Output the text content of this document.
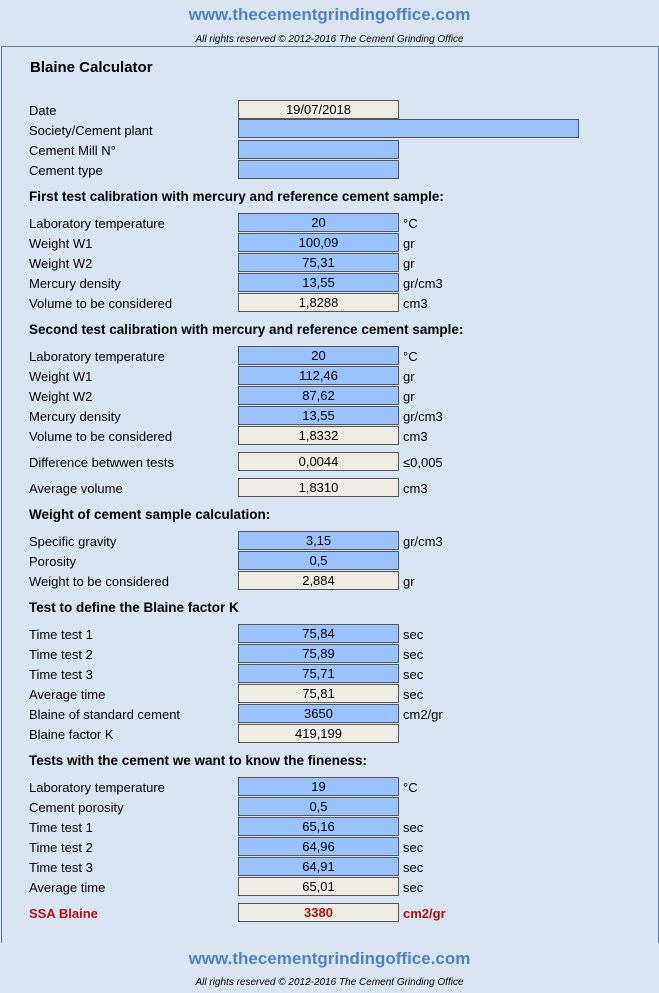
www.thecementgrindingoffice.com
All rights reserved © 2012-2016 The Cement Grinding Office
Blaine Calculator
Date	19/07/2018
Society/Cement plant
Cement Mill N°
Cement type
First test calibration with mercury and reference cement sample:
Laboratory temperature	20	°C
Weight W1	100,09	gr
Weight W2	75,31	gr
Mercury density	13,55	gr/cm3
Volume to be considered	1,8288	cm3
Second test calibration with mercury and reference cement sample:
Laboratory temperature	20	°C
Weight W1	112,46	gr
Weight W2	87,62	gr
Mercury density	13,55	gr/cm3
Volume to be considered	1,8332	cm3
Difference betwwen tests	0,0044	≤0,005
Average volume	1,8310	cm3
Weight of cement sample calculation:
Specific gravity	3,15	gr/cm3
Porosity	0,5
Weight to be considered	2,884	gr
Test to define the Blaine factor K
Time test 1	75,84	sec
Time test 2	75,89	sec
Time test 3	75,71	sec
Average time	75,81	sec
Blaine of standard cement	3650	cm2/gr
Blaine factor K	419,199
Tests with the cement we want to know the fineness:
Laboratory temperature	19	°C
Cement porosity	0,5
Time test 1	65,16	sec
Time test 2	64,96	sec
Time test 3	64,91	sec
Average time	65,01	sec
SSA Blaine	3380	cm2/gr
www.thecementgrindingoffice.com
All rights reserved © 2012-2016 The Cement Grinding Office
